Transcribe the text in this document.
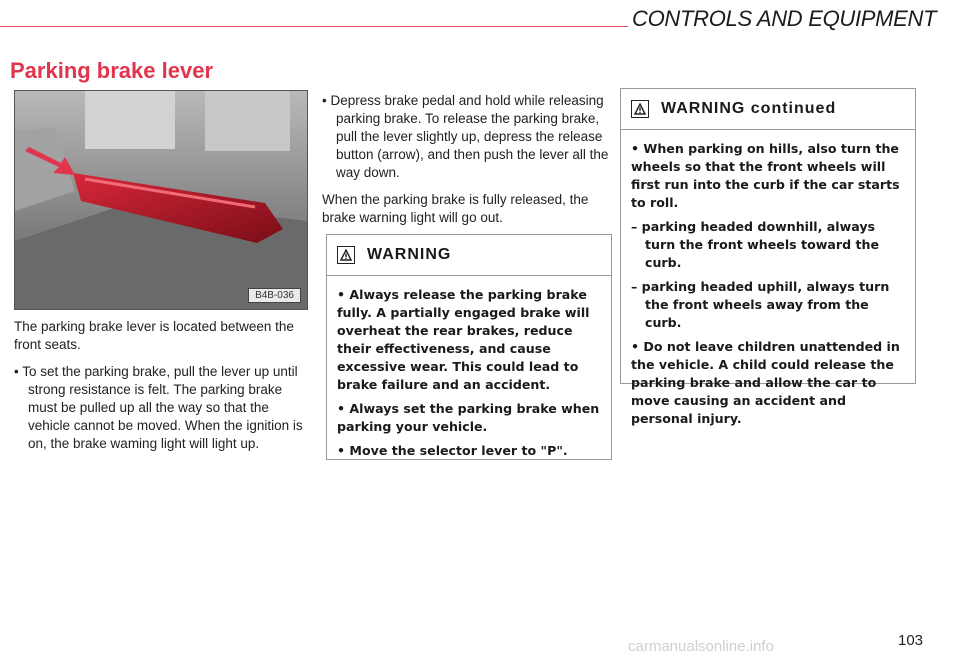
CONTROLS AND EQUIPMENT
Parking brake lever
B4B-036

The parking brake lever is located between the front seats.

• To set the parking brake, pull the lever up until strong resistance is felt. The parking brake must be pulled up all the way so that the vehicle cannot be moved. When the ignition is on, the brake waming light will light up.

• Depress brake pedal and hold while releasing parking brake. To release the parking brake, pull the lever slightly up, depress the release button (arrow), and then push the lever all the way down.

When the parking brake is fully released, the brake warning light will go out.

WARNING

• Always release the parking brake fully. A partially engaged brake will overheat the rear brakes, reduce their effectiveness, and cause excessive wear. This could lead to brake failure and an accident.

• Always set the parking brake when parking your vehicle.

• Move the selector lever to "P".

WARNING continued

• When parking on hills, also turn the wheels so that the front wheels will first run into the curb if the car starts to roll.

– parking headed downhill, always turn the front wheels toward the curb.

– parking headed uphill, always turn the front wheels away from the curb.

• Do not leave children unattended in the vehicle. A child could release the parking brake and allow the car to move causing an accident and personal injury.

carmanualsonline.info	103
